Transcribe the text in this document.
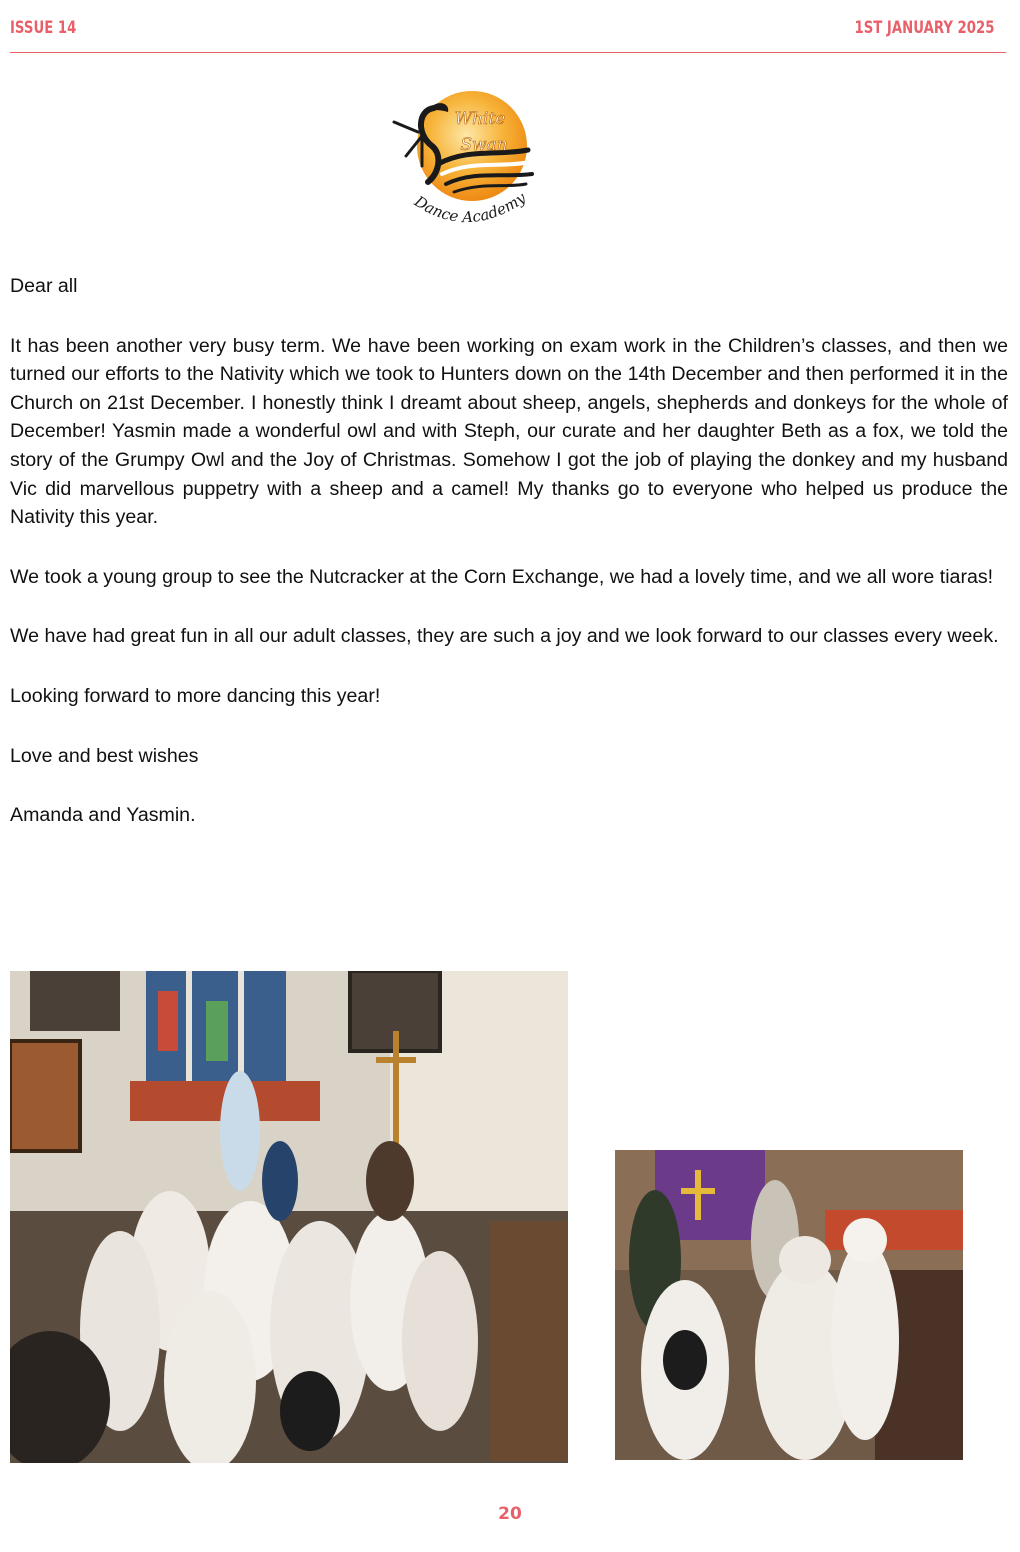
ISSUE 14	1ST JANUARY 2025
White
Swan
Dance Academy

Dear all

It has been another very busy term. We have been working on exam work in the Children’s classes, and then we turned our efforts to the Nativity which we took to Hunters down on the 14th December and then performed it in the Church on 21st December. I honestly think I dreamt about sheep, angels, shepherds and donkeys for the whole of December! Yasmin made a wonderful owl and with Steph, our curate and her daughter Beth as a fox, we told the story of the Grumpy Owl and the Joy of Christmas. Somehow I got the job of playing the donkey and my husband Vic did marvellous puppetry with a sheep and a camel! My thanks go to everyone who helped us produce the Nativity this year.

We took a young group to see the Nutcracker at the Corn Exchange, we had a lovely time, and we all wore tiaras!

We have had great fun in all our adult classes, they are such a joy and we look forward to our classes every week.

Looking forward to more dancing this year!

Love and best wishes

Amanda and Yasmin.

20
